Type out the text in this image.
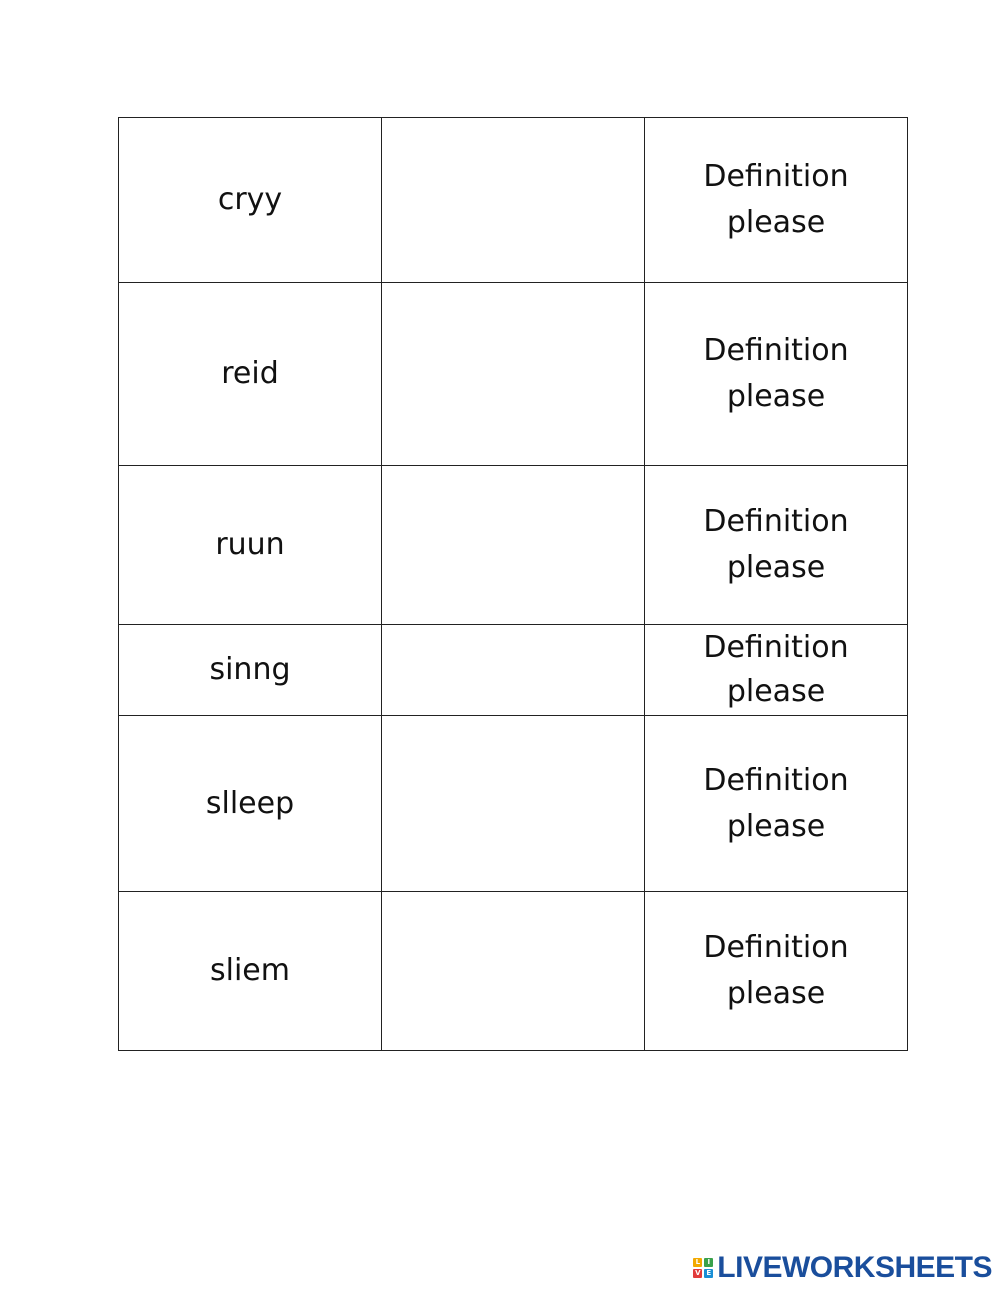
cryy		Definition
please
reid		Definition
please
ruun		Definition
please
sinng		Definition
please
slleep		Definition
please
sliem		Definition
please
L	I
V E LIVEWORKSHEETS
